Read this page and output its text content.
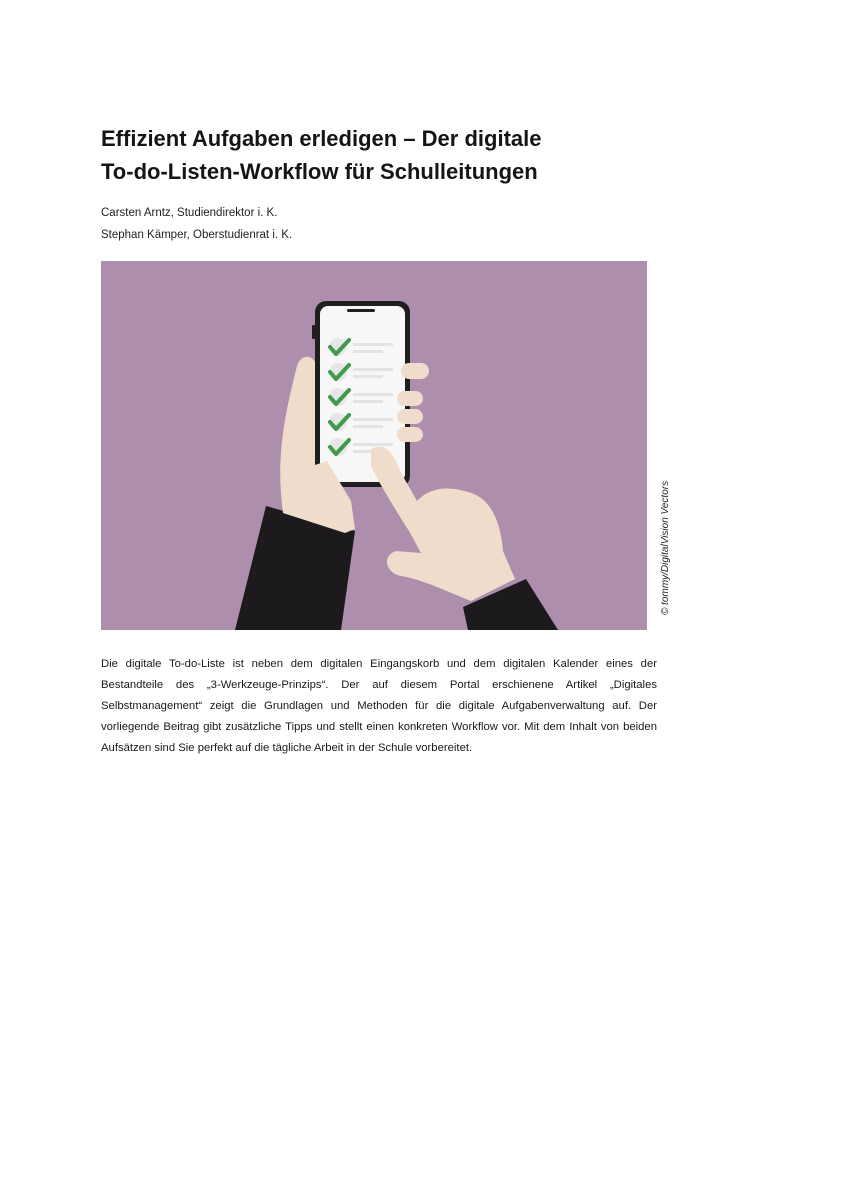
Effizient Aufgaben erledigen – Der digitale
To-do-Listen-Workflow für Schulleitungen
Carsten Arntz, Studiendirektor i. K.
Stephan Kämper, Oberstudienrat i. K.
© tommy/DigitalVision Vectors

Die digitale To-do-Liste ist neben dem digitalen Eingangskorb und dem digitalen Kalender eines der Bestandteile des „3-Werkzeuge-Prinzips“. Der auf diesem Portal erschienene Artikel „Digitales Selbstmanagement“ zeigt die Grundlagen und Methoden für die digitale Aufgabenverwaltung auf. Der vorliegende Beitrag gibt zusätzliche Tipps und stellt einen konkreten Workflow vor. Mit dem Inhalt von beiden Aufsätzen sind Sie perfekt auf die tägliche Arbeit in der Schule vorbereitet.
